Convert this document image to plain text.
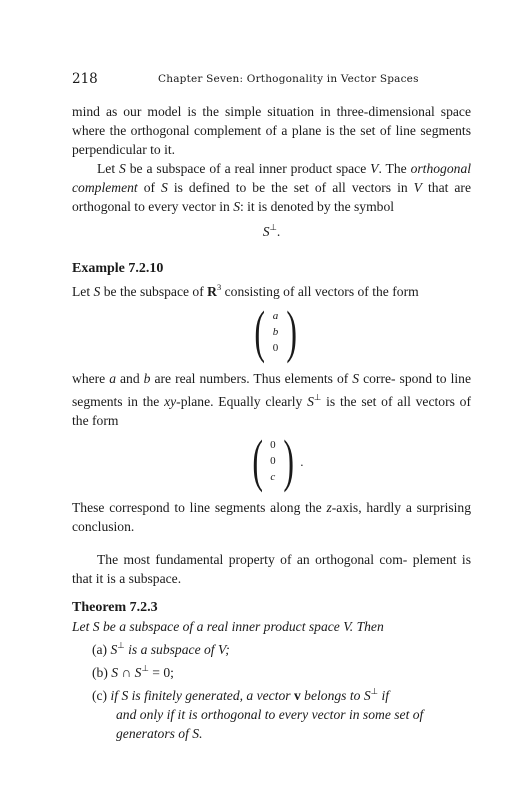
218	Chapter Seven: Orthogonality in Vector Spaces

mind as our model is the simple situation in three-dimensional space where the orthogonal complement of a plane is the set of line segments perpendicular to it.

Let S be a subspace of a real inner product space V. The orthogonal complement of S is defined to be the set of all vectors in V that are orthogonal to every vector in S: it is denoted by the symbol

S⊥.
Example 7.2.10

Let S be the subspace of $R^3$ consisting of all vectors of the form

( a
b
0 )

where a and b are real numbers. Thus elements of S corre- spond to line segments in the xy-plane. Equally clearly S⊥ is the set of all vectors of the form

( 0
0
c ) .

These correspond to line segments along the z-axis, hardly a surprising conclusion.

The most fundamental property of an orthogonal com- plement is that it is a subspace.

Theorem 7.2.3
Let S be a subspace of a real inner product space V. Then
(a) S⊥ is a subspace of V;
(b) S ∩ S⊥ = 0;
(c) if S is finitely generated, a vector v belongs to S⊥ if
and only if it is orthogonal to every vector in some set of
generators of S.
